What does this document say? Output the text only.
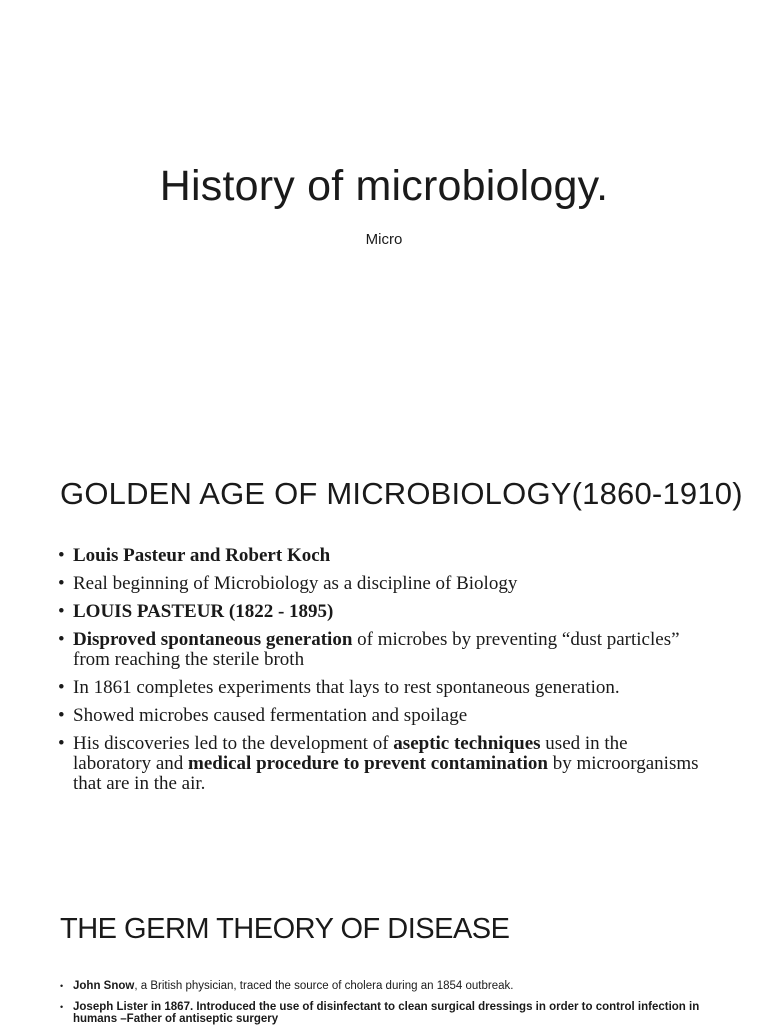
History of microbiology.
Micro
GOLDEN AGE OF MICROBIOLOGY(1860-1910)
• Louis Pasteur and Robert Koch
• Real beginning of Microbiology as a discipline of Biology
• LOUIS PASTEUR (1822 - 1895)
• Disproved spontaneous generation of microbes by preventing “dust particles” from reaching the sterile broth
• In 1861 completes experiments that lays to rest spontaneous generation.
• Showed microbes caused fermentation and spoilage
• His discoveries led to the development of aseptic techniques used in the laboratory and medical procedure to prevent contamination by microorganisms that are in the air.
THE GERM THEORY OF DISEASE
• John Snow, a British physician, traced the source of cholera during an 1854 outbreak.
• Joseph Lister in 1867. Introduced the use of disinfectant to clean surgical dressings in order to control infection in humans –Father of antiseptic surgery
